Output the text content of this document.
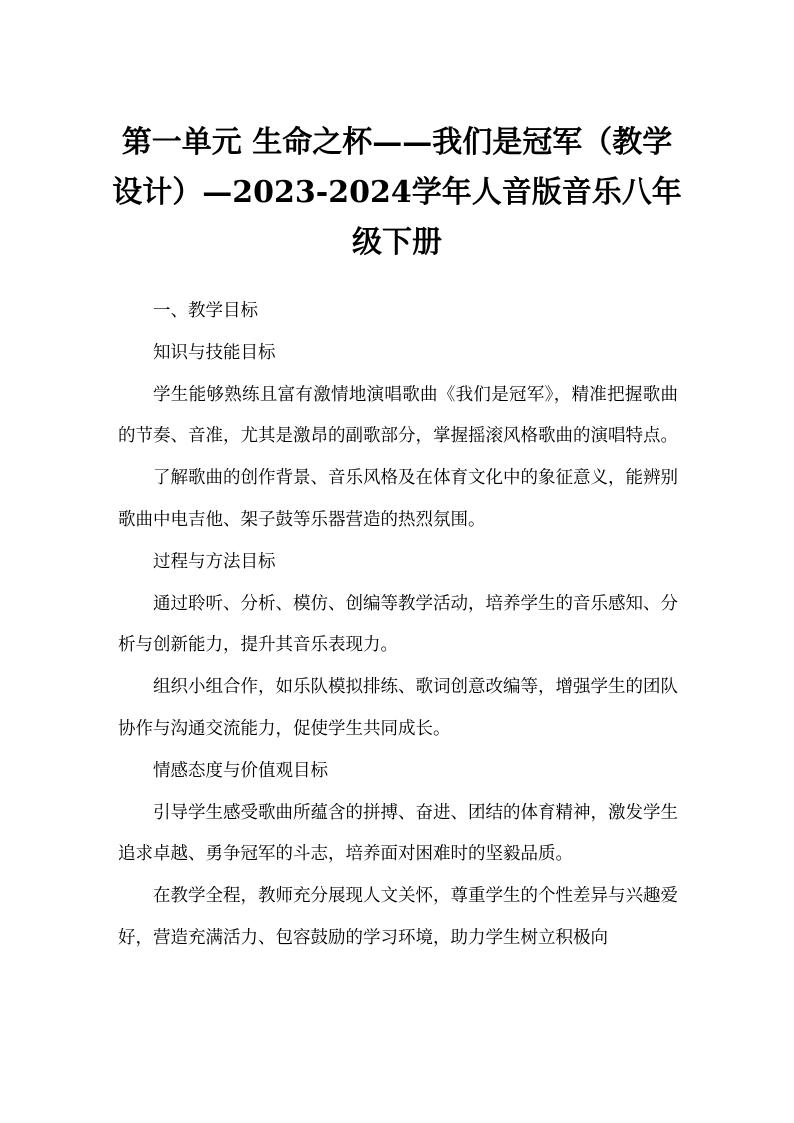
第一单元 生命之杯——我们是冠军（教学设计）—2023-2024学年人音版音乐八年级下册

一、教学目标

知识与技能目标

学生能够熟练且富有激情地演唱歌曲《我们是冠军》，精准把握歌曲的节奏、音准，尤其是激昂的副歌部分，掌握摇滚风格歌曲的演唱特点。

了解歌曲的创作背景、音乐风格及在体育文化中的象征意义，能辨别歌曲中电吉他、架子鼓等乐器营造的热烈氛围。

过程与方法目标

通过聆听、分析、模仿、创编等教学活动，培养学生的音乐感知、分析与创新能力，提升其音乐表现力。

组织小组合作，如乐队模拟排练、歌词创意改编等，增强学生的团队协作与沟通交流能力，促使学生共同成长。

情感态度与价值观目标

引导学生感受歌曲所蕴含的拼搏、奋进、团结的体育精神，激发学生追求卓越、勇争冠军的斗志，培养面对困难时的坚毅品质。

在教学全程，教师充分展现人文关怀，尊重学生的个性差异与兴趣爱好，营造充满活力、包容鼓励的学习环境，助力学生树立积极向
